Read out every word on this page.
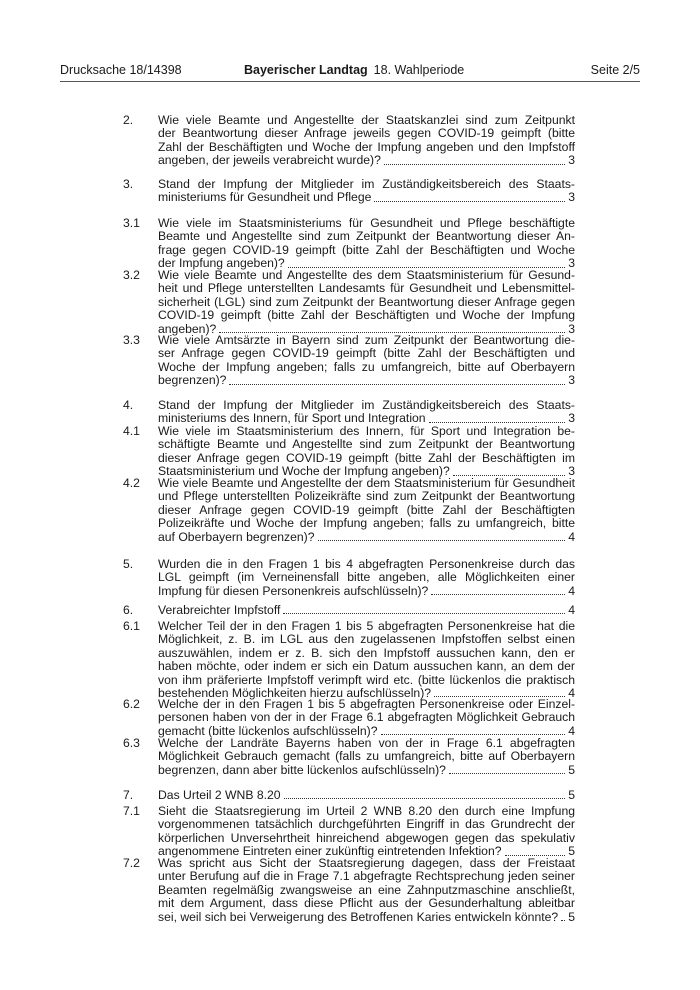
Drucksache 18/14398	Bayerischer Landtag 18. Wahlperiode	Seite 2/5
2.	Wie viele Beamte und Angestellte der Staatskanzlei sind zum Zeitpunkt
der Beantwortung dieser Anfrage jeweils gegen COVID-19 geimpft (bitte
Zahl der Beschäftigten und Woche der Impfung angeben und den Impfstoff
angeben, der jeweils verabreicht wurde)?	3
3.	Stand der Impfung der Mitglieder im Zuständigkeitsbereich des Staats-
ministeriums für Gesundheit und Pflege	3
3.1	Wie viele im Staatsministeriums für Gesundheit und Pflege beschäftigte
Beamte und Angestellte sind zum Zeitpunkt der Beantwortung dieser An-
frage gegen COVID-19 geimpft (bitte Zahl der Beschäftigten und Woche
der Impfung angeben)?	3
3.2	Wie viele Beamte und Angestellte des dem Staatsministerium für Gesund-
heit und Pflege unterstellten Landesamts für Gesundheit und Lebensmittel-
sicherheit (LGL) sind zum Zeitpunkt der Beantwortung dieser Anfrage gegen
COVID-19 geimpft (bitte Zahl der Beschäftigten und Woche der Impfung
angeben)?	3
3.3	Wie viele Amtsärzte in Bayern sind zum Zeitpunkt der Beantwortung die-
ser Anfrage gegen COVID-19 geimpft (bitte Zahl der Beschäftigten und
Woche der Impfung angeben; falls zu umfangreich, bitte auf Oberbayern
begrenzen)?	3
4.	Stand der Impfung der Mitglieder im Zuständigkeitsbereich des Staats-
ministeriums des Innern, für Sport und Integration	3
4.1	Wie viele im Staatsministerium des Innern, für Sport und Integration be-
schäftigte Beamte und Angestellte sind zum Zeitpunkt der Beantwortung
dieser Anfrage gegen COVID-19 geimpft (bitte Zahl der Beschäftigten im
Staatsministerium und Woche der Impfung angeben)?	3
4.2	Wie viele Beamte und Angestellte der dem Staatsministerium für Gesundheit
und Pflege unterstellten Polizeikräfte sind zum Zeitpunkt der Beantwortung
dieser Anfrage gegen COVID-19 geimpft (bitte Zahl der Beschäftigten
Polizeikräfte und Woche der Impfung angeben; falls zu umfangreich, bitte
auf Oberbayern begrenzen)?	4
5.	Wurden die in den Fragen 1 bis 4 abgefragten Personenkreise durch das
LGL geimpft (im Verneinensfall bitte angeben, alle Möglichkeiten einer
Impfung für diesen Personenkreis aufschlüsseln)?	4
6.	Verabreichter Impfstoff	4
6.1	Welcher Teil der in den Fragen 1 bis 5 abgefragten Personenkreise hat die
Möglichkeit, z. B. im LGL aus den zugelassenen Impfstoffen selbst einen
auszuwählen, indem er z. B. sich den Impfstoff aussuchen kann, den er
haben möchte, oder indem er sich ein Datum aussuchen kann, an dem der
von ihm präferierte Impfstoff verimpft wird etc. (bitte lückenlos die praktisch
bestehenden Möglichkeiten hierzu aufschlüsseln)?	4
6.2	Welche der in den Fragen 1 bis 5 abgefragten Personenkreise oder Einzel-
personen haben von der in der Frage 6.1 abgefragten Möglichkeit Gebrauch
gemacht (bitte lückenlos aufschlüsseln)?	4
6.3	Welche der Landräte Bayerns haben von der in Frage 6.1 abgefragten
Möglichkeit Gebrauch gemacht (falls zu umfangreich, bitte auf Oberbayern
begrenzen, dann aber bitte lückenlos aufschlüsseln)?	5
7.	Das Urteil 2 WNB 8.20	5
7.1	Sieht die Staatsregierung im Urteil 2 WNB 8.20 den durch eine Impfung
vorgenommenen tatsächlich durchgeführten Eingriff in das Grundrecht der
körperlichen Unversehrtheit hinreichend abgewogen gegen das spekulativ
angenommene Eintreten einer zukünftig eintretenden Infektion?	5
7.2	Was spricht aus Sicht der Staatsregierung dagegen, dass der Freistaat
unter Berufung auf die in Frage 7.1 abgefragte Rechtsprechung jeden seiner
Beamten regelmäßig zwangsweise an eine Zahnputzmaschine anschließt,
mit dem Argument, dass diese Pflicht aus der Gesunderhaltung ableitbar
sei, weil sich bei Verweigerung des Betroffenen Karies entwickeln könnte? 5
